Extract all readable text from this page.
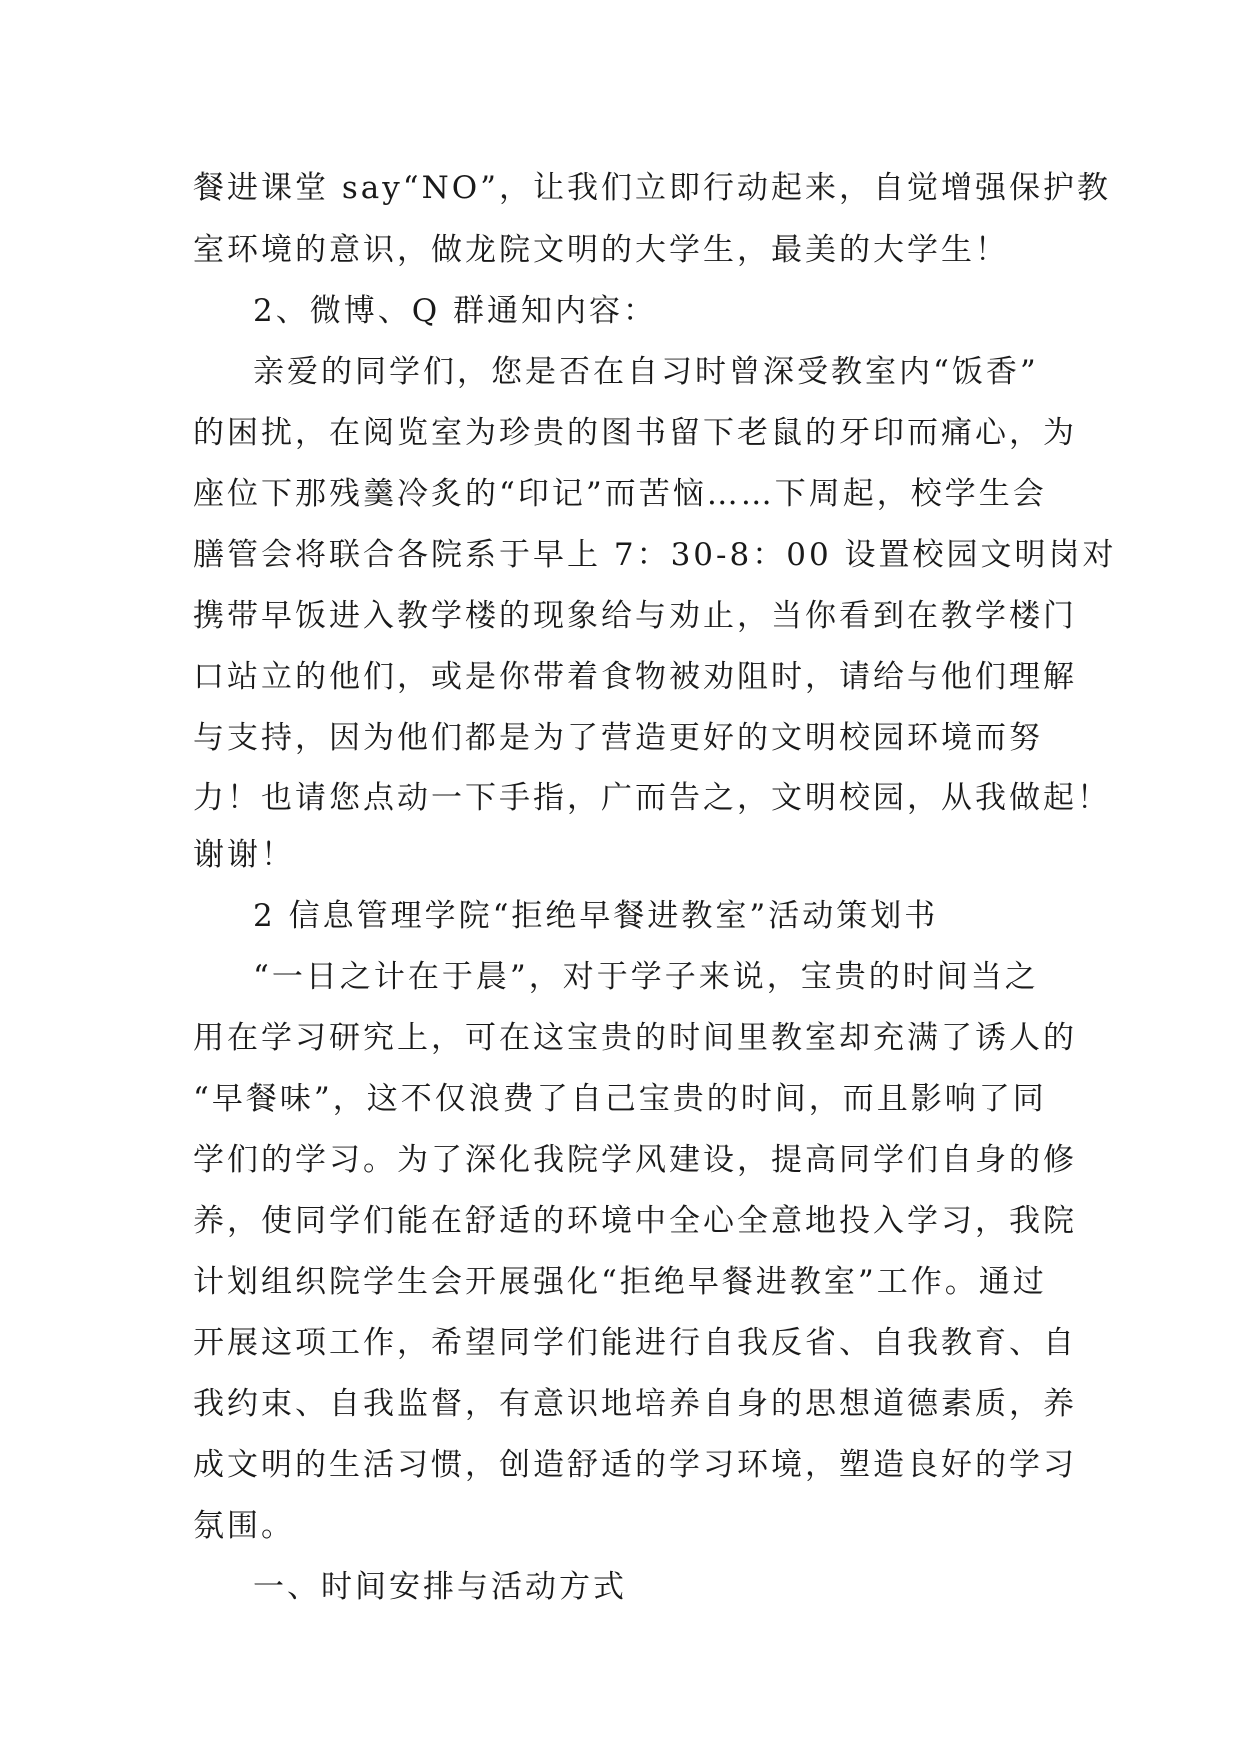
餐进课堂 say“NO”，让我们立即行动起来，自觉增强保护教
室环境的意识，做龙院文明的大学生，最美的大学生！
2、微博、Q 群通知内容：
亲爱的同学们，您是否在自习时曾深受教室内“饭香”
的困扰，在阅览室为珍贵的图书留下老鼠的牙印而痛心，为
座位下那残羹冷炙的“印记”而苦恼……下周起，校学生会
膳管会将联合各院系于早上 7：30-8：00 设置校园文明岗对
携带早饭进入教学楼的现象给与劝止，当你看到在教学楼门
口站立的他们，或是你带着食物被劝阻时，请给与他们理解
与支持，因为他们都是为了营造更好的文明校园环境而努
力！也请您点动一下手指，广而告之，文明校园，从我做起！
谢谢！
2 信息管理学院“拒绝早餐进教室”活动策划书
“一日之计在于晨”，对于学子来说，宝贵的时间当之
用在学习研究上，可在这宝贵的时间里教室却充满了诱人的
“早餐味”，这不仅浪费了自己宝贵的时间，而且影响了同
学们的学习。为了深化我院学风建设，提高同学们自身的修
养，使同学们能在舒适的环境中全心全意地投入学习，我院
计划组织院学生会开展强化“拒绝早餐进教室”工作。通过
开展这项工作，希望同学们能进行自我反省、自我教育、自
我约束、自我监督，有意识地培养自身的思想道德素质，养
成文明的生活习惯，创造舒适的学习环境，塑造良好的学习
氛围。
一、时间安排与活动方式
